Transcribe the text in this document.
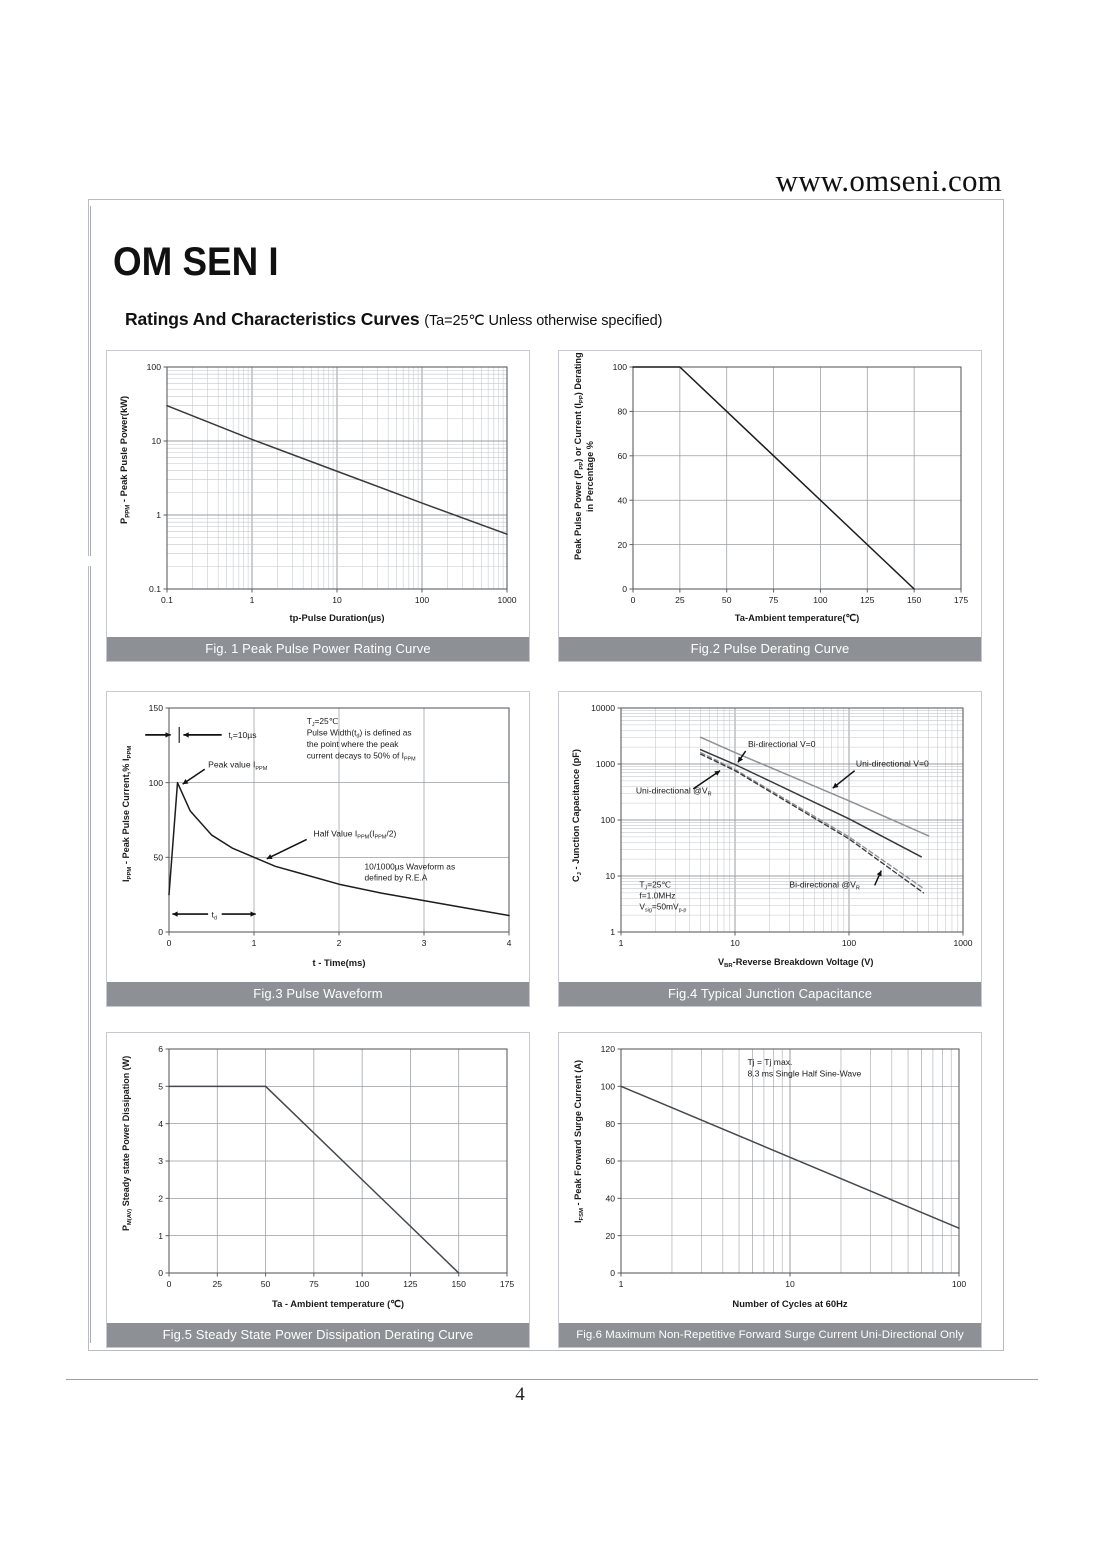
www.omseni.com
OM SEN I
Ratings And Characteristics Curves (Ta=25℃ Unless otherwise specified)
0.1	1	10	100	1000
0.1
1
10
100
$P_{PPM}$ - Peak Pusle Power(kW)
tp-Pulse Duration(µs)
Fig. 1 Peak Pulse Power Rating Curve
0	25	50	75	100	125	150	175
0
20
40
60
80
100
Peak Pulse Power $(P_{PP})$ or Current $(I_{PP})$ Derating
in Percentage %
Ta-Ambient temperature(℃)
Fig.2 Pulse Derating Curve
0	1	2	3	4
0
50
100
150
$I_{PPM}$ - Peak Pulse Current,% $I_{PPM}$
t - Time(ms)
$t_r=10\mu s$
$T_J=25℃$
Pulse $Width(t_d)$ is defined as
the point where the peak
current decays to 50% of $I_{PPM}$
Peak value $I_{PPM}$
Half Value $I_{PPM}(I_{PPM}/2)$
10/1000µs Waveform as
defined by R.E.A
$t_d$
Fig.3 Pulse Waveform
1	10	100	1000
1
10
100
1000
10000
$C_J$ - Junction Capacitance (pF)
$V_{BR}$-Reverse Breakdown Voltage (V)
$T_J=25℃$
f=1.0MHz
$V_{sig}=50mV_{p-p}$
Bi-directional V=0
Uni-directional V=0
Uni-directional $@V_R$
Bi-directional $@V_R$
Fig.4 Typical Junction Capacitance
0	25	50	75	100	125	150	175
0
1
2
3
4
5
6
$P_{M(AV)}$ Steady state Power Dissipation (W)
Ta - Ambient temperature (℃)
Fig.5 Steady State Power Dissipation Derating Curve
1	10	100
0
20
40
60
80
100
120
$I_{FSM}$ - Peak Forward Surge Current (A)
Number of Cycles at 60Hz
Tj = Tj max.
8.3 ms Single Half Sine-Wave
Fig.6 Maximum Non-Repetitive Forward Surge Current Uni-Directional Only
4
